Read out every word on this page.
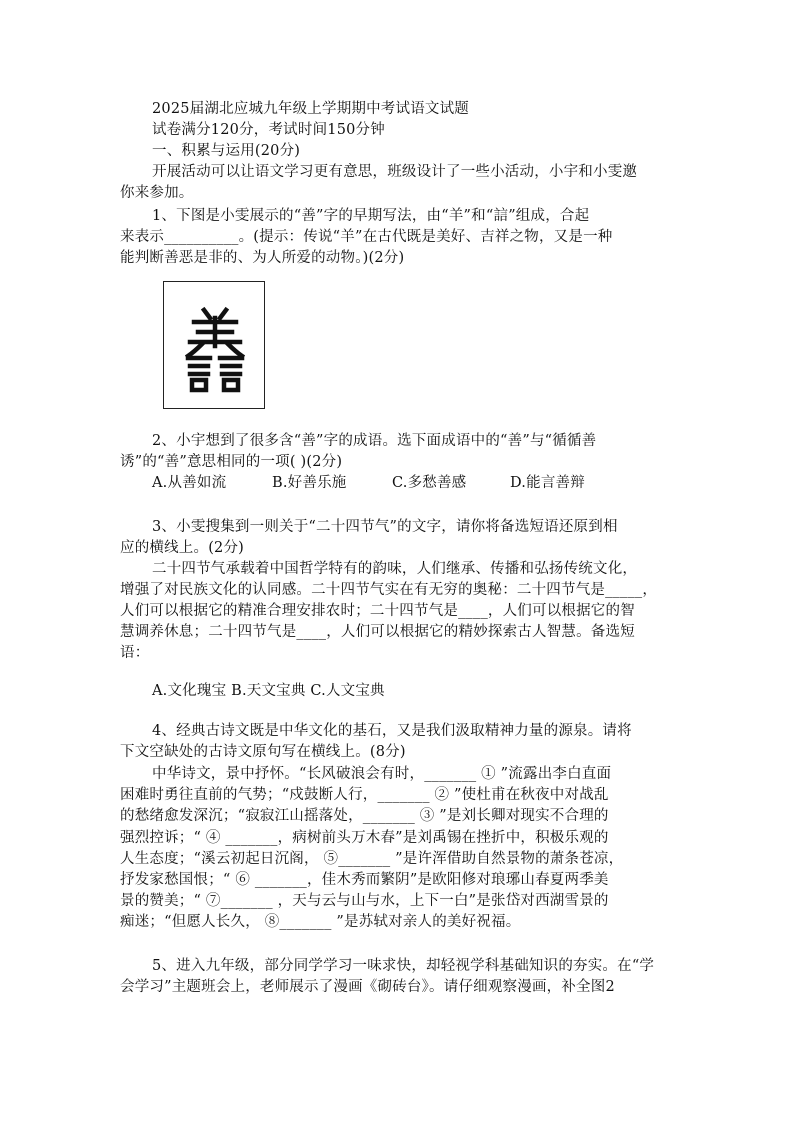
2025届湖北应城九年级上学期期中考试语文试题
试卷满分120分，考试时间150分钟
一、积累与运用(20分)
开展活动可以让语文学习更有意思，班级设计了一些小活动，小宇和小雯邀
你来参加。
1、下图是小雯展示的“善”字的早期写法，由“羊”和“誩”组成，合起
来表示__________。(提示：传说“羊”在古代既是美好、吉祥之物，又是一种
能判断善恶是非的、为人所爱的动物。)(2分)
2、小宇想到了很多含“善”字的成语。选下面成语中的“善”与“循循善
诱”的“善”意思相同的一项( )(2分)
A.从善如流	B.好善乐施	C.多愁善感	D.能言善辩
3、小雯搜集到一则关于“二十四节气”的文字，请你将备选短语还原到相
应的横线上。(2分)
二十四节气承载着中国哲学特有的韵味，人们继承、传播和弘扬传统文化，
增强了对民族文化的认同感。二十四节气实在有无穷的奥秘：二十四节气是_____，
人们可以根据它的精准合理安排农时；二十四节气是____，人们可以根据它的智
慧调养休息；二十四节气是____，人们可以根据它的精妙探索古人智慧。备选短
语：
A.文化瑰宝 B.天文宝典 C.人文宝典
4、经典古诗文既是中华文化的基石，又是我们汲取精神力量的源泉。请将
下文空缺处的古诗文原句写在横线上。(8分)
中华诗文，景中抒怀。“长风破浪会有时，_______ ① ”流露出李白直面
困难时勇往直前的气势；“戍鼓断人行，_______ ② ”使杜甫在秋夜中对战乱
的愁绪愈发深沉；“寂寂江山摇落处，_______ ③ ”是刘长卿对现实不合理的
强烈控诉；“ ④ _______，病树前头万木春”是刘禹锡在挫折中，积极乐观的
人生态度；“溪云初起日沉阁， ⑤_______ ”是许浑借助自然景物的萧条苍凉，
抒发家愁国恨；“ ⑥ _______，佳木秀而繁阴”是欧阳修对琅琊山春夏两季美
景的赞美；“ ⑦_______ ，天与云与山与水，上下一白”是张岱对西湖雪景的
痴迷；“但愿人长久， ⑧_______ ”是苏轼对亲人的美好祝福。
5、进入九年级，部分同学学习一味求快，却轻视学科基础知识的夯实。在“学
会学习”主题班会上，老师展示了漫画《砌砖台》。请仔细观察漫画，补全图2
